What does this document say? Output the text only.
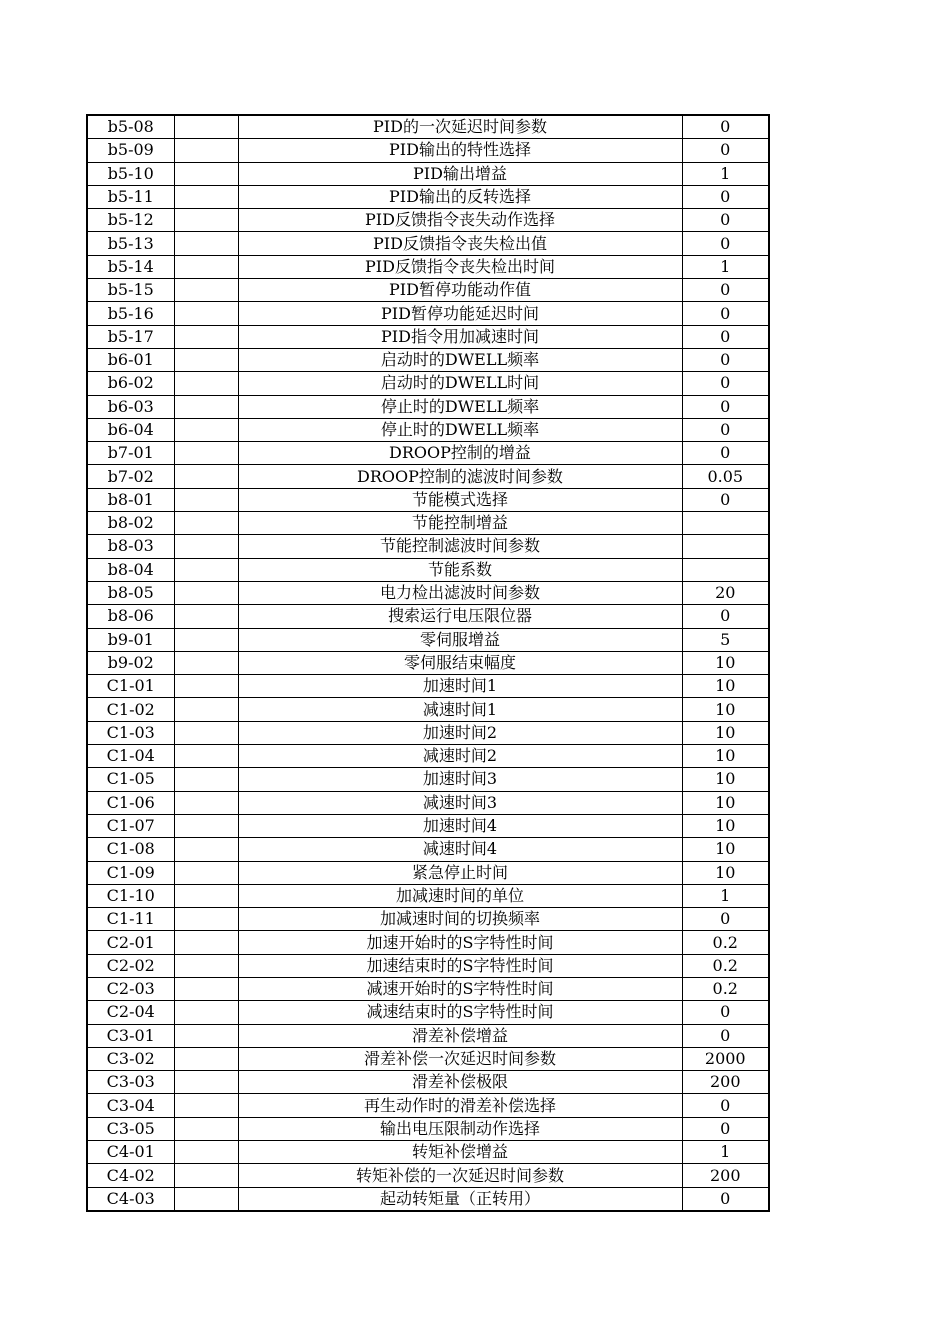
b5-08		PID的一次延迟时间参数	0
b5-09		PID输出的特性选择	0
b5-10		PID输出增益	1
b5-11		PID输出的反转选择	0
b5-12		PID反馈指令丧失动作选择	0
b5-13		PID反馈指令丧失检出值	0
b5-14		PID反馈指令丧失检出时间	1
b5-15		PID暂停功能动作值	0
b5-16		PID暂停功能延迟时间	0
b5-17		PID指令用加减速时间	0
b6-01		启动时的DWELL频率	0
b6-02		启动时的DWELL时间	0
b6-03		停止时的DWELL频率	0
b6-04		停止时的DWELL频率	0
b7-01		DROOP控制的增益	0
b7-02		DROOP控制的滤波时间参数	0.05
b8-01		节能模式选择	0
b8-02		节能控制增益	
b8-03		节能控制滤波时间参数	
b8-04		节能系数	
b8-05		电力检出滤波时间参数	20
b8-06		搜索运行电压限位器	0
b9-01		零伺服增益	5
b9-02		零伺服结束幅度	10
C1-01		加速时间1	10
C1-02		减速时间1	10
C1-03		加速时间2	10
C1-04		减速时间2	10
C1-05		加速时间3	10
C1-06		减速时间3	10
C1-07		加速时间4	10
C1-08		减速时间4	10
C1-09		紧急停止时间	10
C1-10		加减速时间的单位	1
C1-11		加减速时间的切换频率	0
C2-01		加速开始时的S字特性时间	0.2
C2-02		加速结束时的S字特性时间	0.2
C2-03		减速开始时的S字特性时间	0.2
C2-04		减速结束时的S字特性时间	0
C3-01		滑差补偿增益	0
C3-02		滑差补偿一次延迟时间参数	2000
C3-03		滑差补偿极限	200
C3-04		再生动作时的滑差补偿选择	0
C3-05		输出电压限制动作选择	0
C4-01		转矩补偿增益	1
C4-02		转矩补偿的一次延迟时间参数	200
C4-03		起动转矩量（正转用）	0
